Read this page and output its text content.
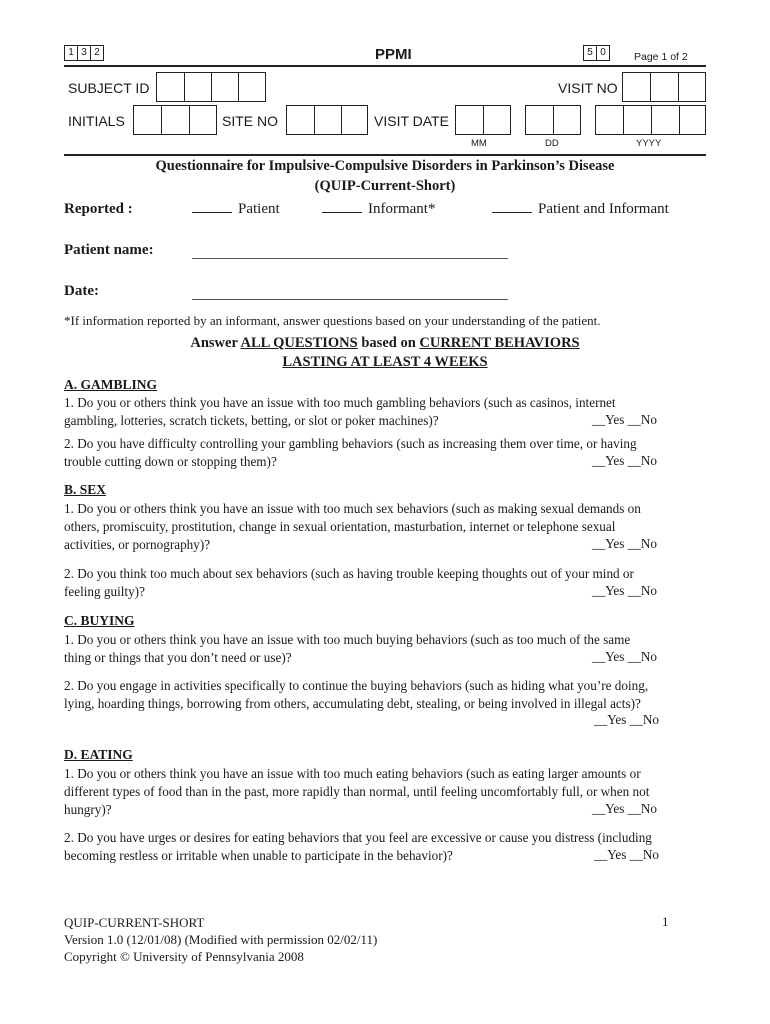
1 3 2	PPMI	5 0	Page 1 of 2
SUBJECT ID	VISIT NO
INITIALS	SITE NO	VISIT DATE
MM	DD	YYYY
Questionnaire for Impulsive-Compulsive Disorders in Parkinson’s Disease
(QUIP-Current-Short)
Reported :	Patient	Informant*	Patient and Informant
Patient name:
Date:
*If information reported by an informant, answer questions based on your understanding of the patient.
Answer ALL QUESTIONS based on CURRENT BEHAVIORS
LASTING AT LEAST 4 WEEKS
A. GAMBLING
1. Do you or others think you have an issue with too much gambling behaviors (such as casinos, internet
gambling, lotteries, scratch tickets, betting, or slot or poker machines)?	__Yes __No
2. Do you have difficulty controlling your gambling behaviors (such as increasing them over time, or having
trouble cutting down or stopping them)?	__Yes __No
B. SEX
1. Do you or others think you have an issue with too much sex behaviors (such as making sexual demands on
others, promiscuity, prostitution, change in sexual orientation, masturbation, internet or telephone sexual
activities, or pornography)?	__Yes __No
2. Do you think too much about sex behaviors (such as having trouble keeping thoughts out of your mind or
feeling guilty)?	__Yes __No
C. BUYING
1. Do you or others think you have an issue with too much buying behaviors (such as too much of the same
thing or things that you don’t need or use)?	__Yes __No
2. Do you engage in activities specifically to continue the buying behaviors (such as hiding what you’re doing,
lying, hoarding things, borrowing from others, accumulating debt, stealing, or being involved in illegal acts)?
__Yes __No
D. EATING
1. Do you or others think you have an issue with too much eating behaviors (such as eating larger amounts or
different types of food than in the past, more rapidly than normal, until feeling uncomfortably full, or when not
hungry)?	__Yes __No
2. Do you have urges or desires for eating behaviors that you feel are excessive or cause you distress (including
becoming restless or irritable when unable to participate in the behavior)?	__Yes __No
QUIP-CURRENT-SHORT
Version 1.0 (12/01/08) (Modified with permission 02/02/11)
Copyright © University of Pennsylvania 2008
1
